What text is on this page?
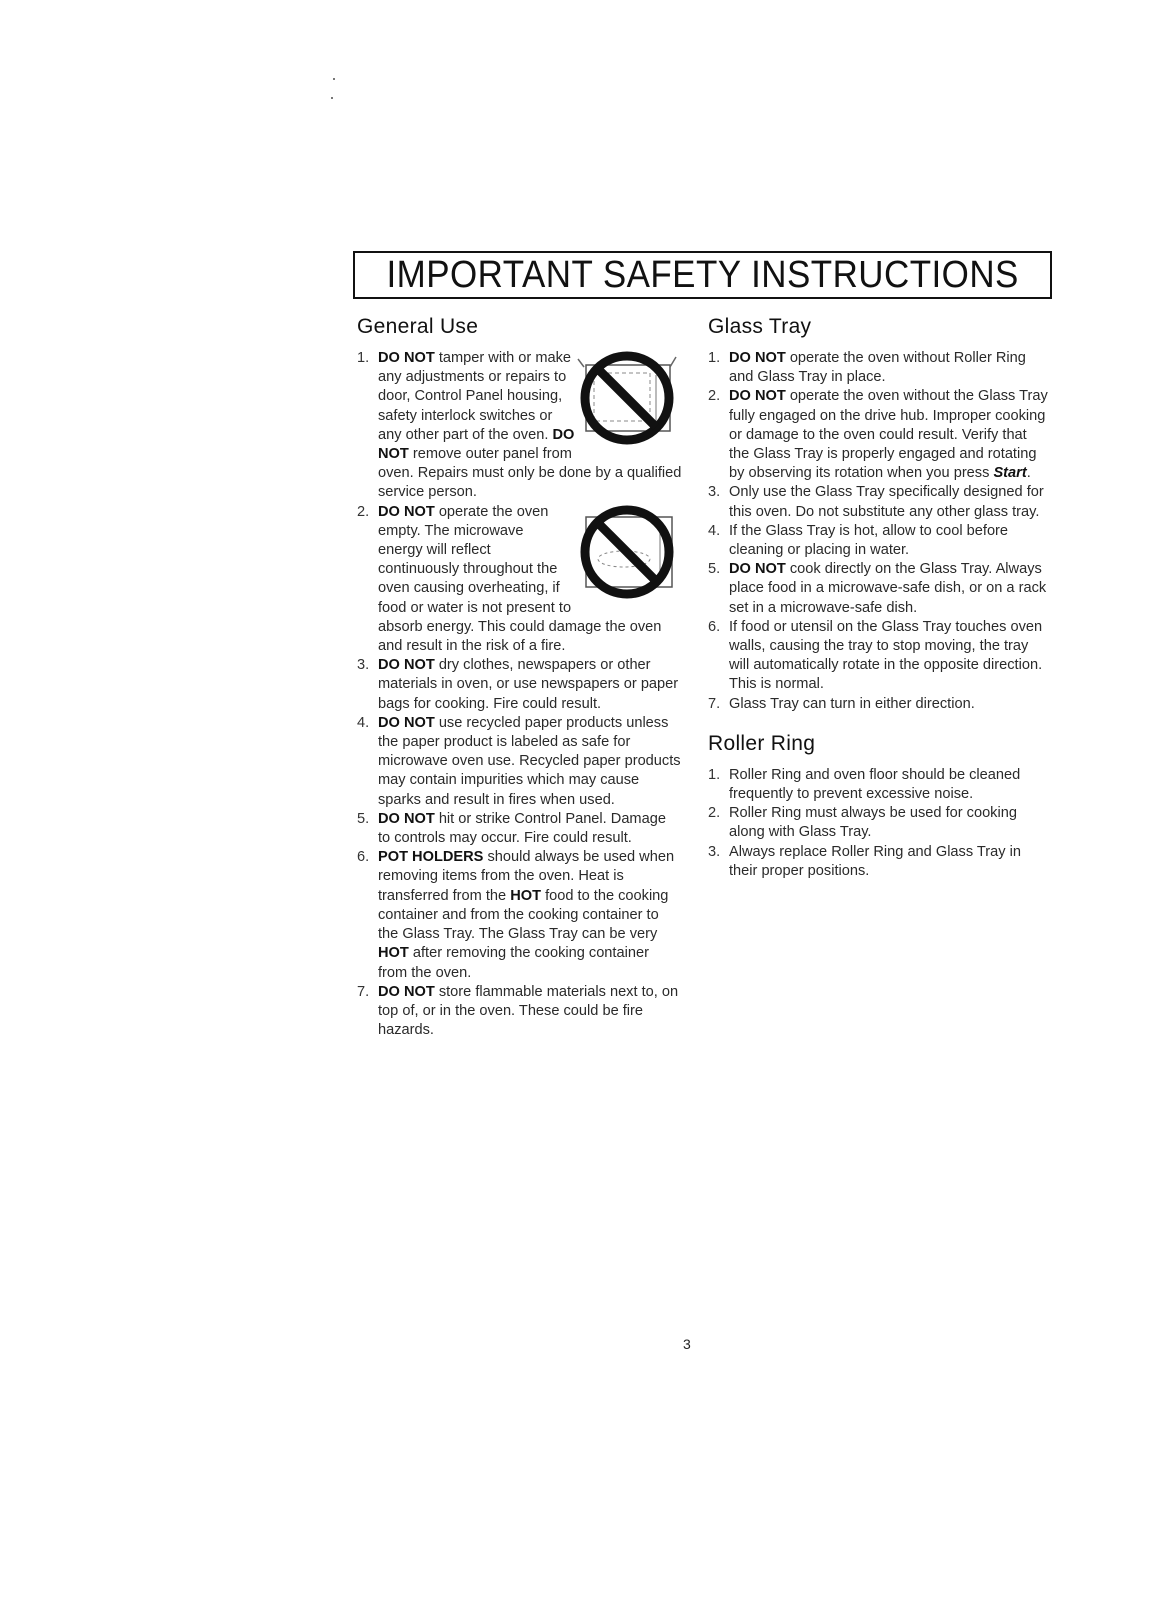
IMPORTANT SAFETY INSTRUCTIONS
General Use
1. DO NOT tamper with or make any adjustments or repairs to door, Control Panel housing, safety interlock switches or any other part of the oven. DO NOT remove outer panel from oven. Repairs must only be done by a qualified service person.
2. DO NOT operate the oven empty. The microwave energy will reflect continuously throughout the oven causing overheating, if food or water is not present to absorb energy. This could damage the oven and result in the risk of a fire.
3. DO NOT dry clothes, newspapers or other materials in oven, or use newspapers or paper bags for cooking. Fire could result.
4. DO NOT use recycled paper products unless the paper product is labeled as safe for microwave oven use. Recycled paper products may contain impurities which may cause sparks and result in fires when used.
5. DO NOT hit or strike Control Panel. Damage to controls may occur. Fire could result.
6. POT HOLDERS should always be used when removing items from the oven. Heat is transferred from the HOT food to the cooking container and from the cooking container to the Glass Tray. The Glass Tray can be very HOT after removing the cooking container from the oven.
7. DO NOT store flammable materials next to, on top of, or in the oven. These could be fire hazards.
Glass Tray
1. DO NOT operate the oven without Roller Ring and Glass Tray in place.
2. DO NOT operate the oven without the Glass Tray fully engaged on the drive hub. Improper cooking or damage to the oven could result. Verify that the Glass Tray is properly engaged and rotating by observing its rotation when you press Start.
3. Only use the Glass Tray specifically designed for this oven. Do not substitute any other glass tray.
4. If the Glass Tray is hot, allow to cool before cleaning or placing in water.
5. DO NOT cook directly on the Glass Tray. Always place food in a microwave-safe dish, or on a rack set in a microwave-safe dish.
6. If food or utensil on the Glass Tray touches oven walls, causing the tray to stop moving, the tray will automatically rotate in the opposite direction. This is normal.
7. Glass Tray can turn in either direction.
Roller Ring
1. Roller Ring and oven floor should be cleaned frequently to prevent excessive noise.
2. Roller Ring must always be used for cooking along with Glass Tray.
3. Always replace Roller Ring and Glass Tray in their proper positions.
3
